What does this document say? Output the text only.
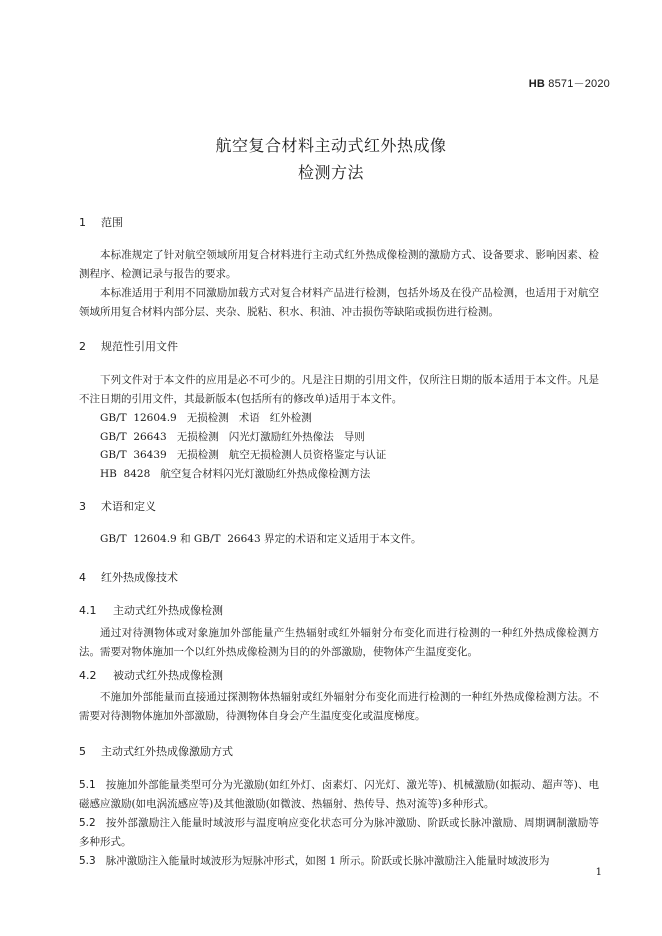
HB 8571－2020
航空复合材料主动式红外热成像
检测方法
1 范围
本标准规定了针对航空领域所用复合材料进行主动式红外热成像检测的激励方式、设备要求、影响因素、检测程序、检测记录与报告的要求。
本标准适用于利用不同激励加载方式对复合材料产品进行检测，包括外场及在役产品检测，也适用于对航空领域所用复合材料内部分层、夹杂、脱粘、积水、积油、冲击损伤等缺陷或损伤进行检测。
2 规范性引用文件
下列文件对于本文件的应用是必不可少的。凡是注日期的引用文件，仅所注日期的版本适用于本文件。凡是不注日期的引用文件，其最新版本(包括所有的修改单)适用于本文件。
GB/T  12604.9   无损检测   术语   红外检测
GB/T  26643   无损检测   闪光灯激励红外热像法   导则
GB/T  36439   无损检测   航空无损检测人员资格鉴定与认证
HB  8428   航空复合材料闪光灯激励红外热成像检测方法
3 术语和定义
GB/T  12604.9 和 GB/T  26643 界定的术语和定义适用于本文件。
4 红外热成像技术
4.1 主动式红外热成像检测
通过对待测物体或对象施加外部能量产生热辐射或红外辐射分布变化而进行检测的一种红外热成像检测方法。需要对物体施加一个以红外热成像检测为目的的外部激励，使物体产生温度变化。
4.2 被动式红外热成像检测
不施加外部能量而直接通过探测物体热辐射或红外辐射分布变化而进行检测的一种红外热成像检测方法。不需要对待测物体施加外部激励，待测物体自身会产生温度变化或温度梯度。
5 主动式红外热成像激励方式
5.1 按施加外部能量类型可分为光激励(如红外灯、卤素灯、闪光灯、激光等)、机械激励(如振动、超声等)、电磁感应激励(如电涡流感应等)及其他激励(如微波、热辐射、热传导、热对流等)多种形式。
5.2 按外部激励注入能量时域波形与温度响应变化状态可分为脉冲激励、阶跃或长脉冲激励、周期调制激励等多种形式。
5.3 脉冲激励注入能量时域波形为短脉冲形式，如图 1 所示。阶跃或长脉冲激励注入能量时域波形为
1
